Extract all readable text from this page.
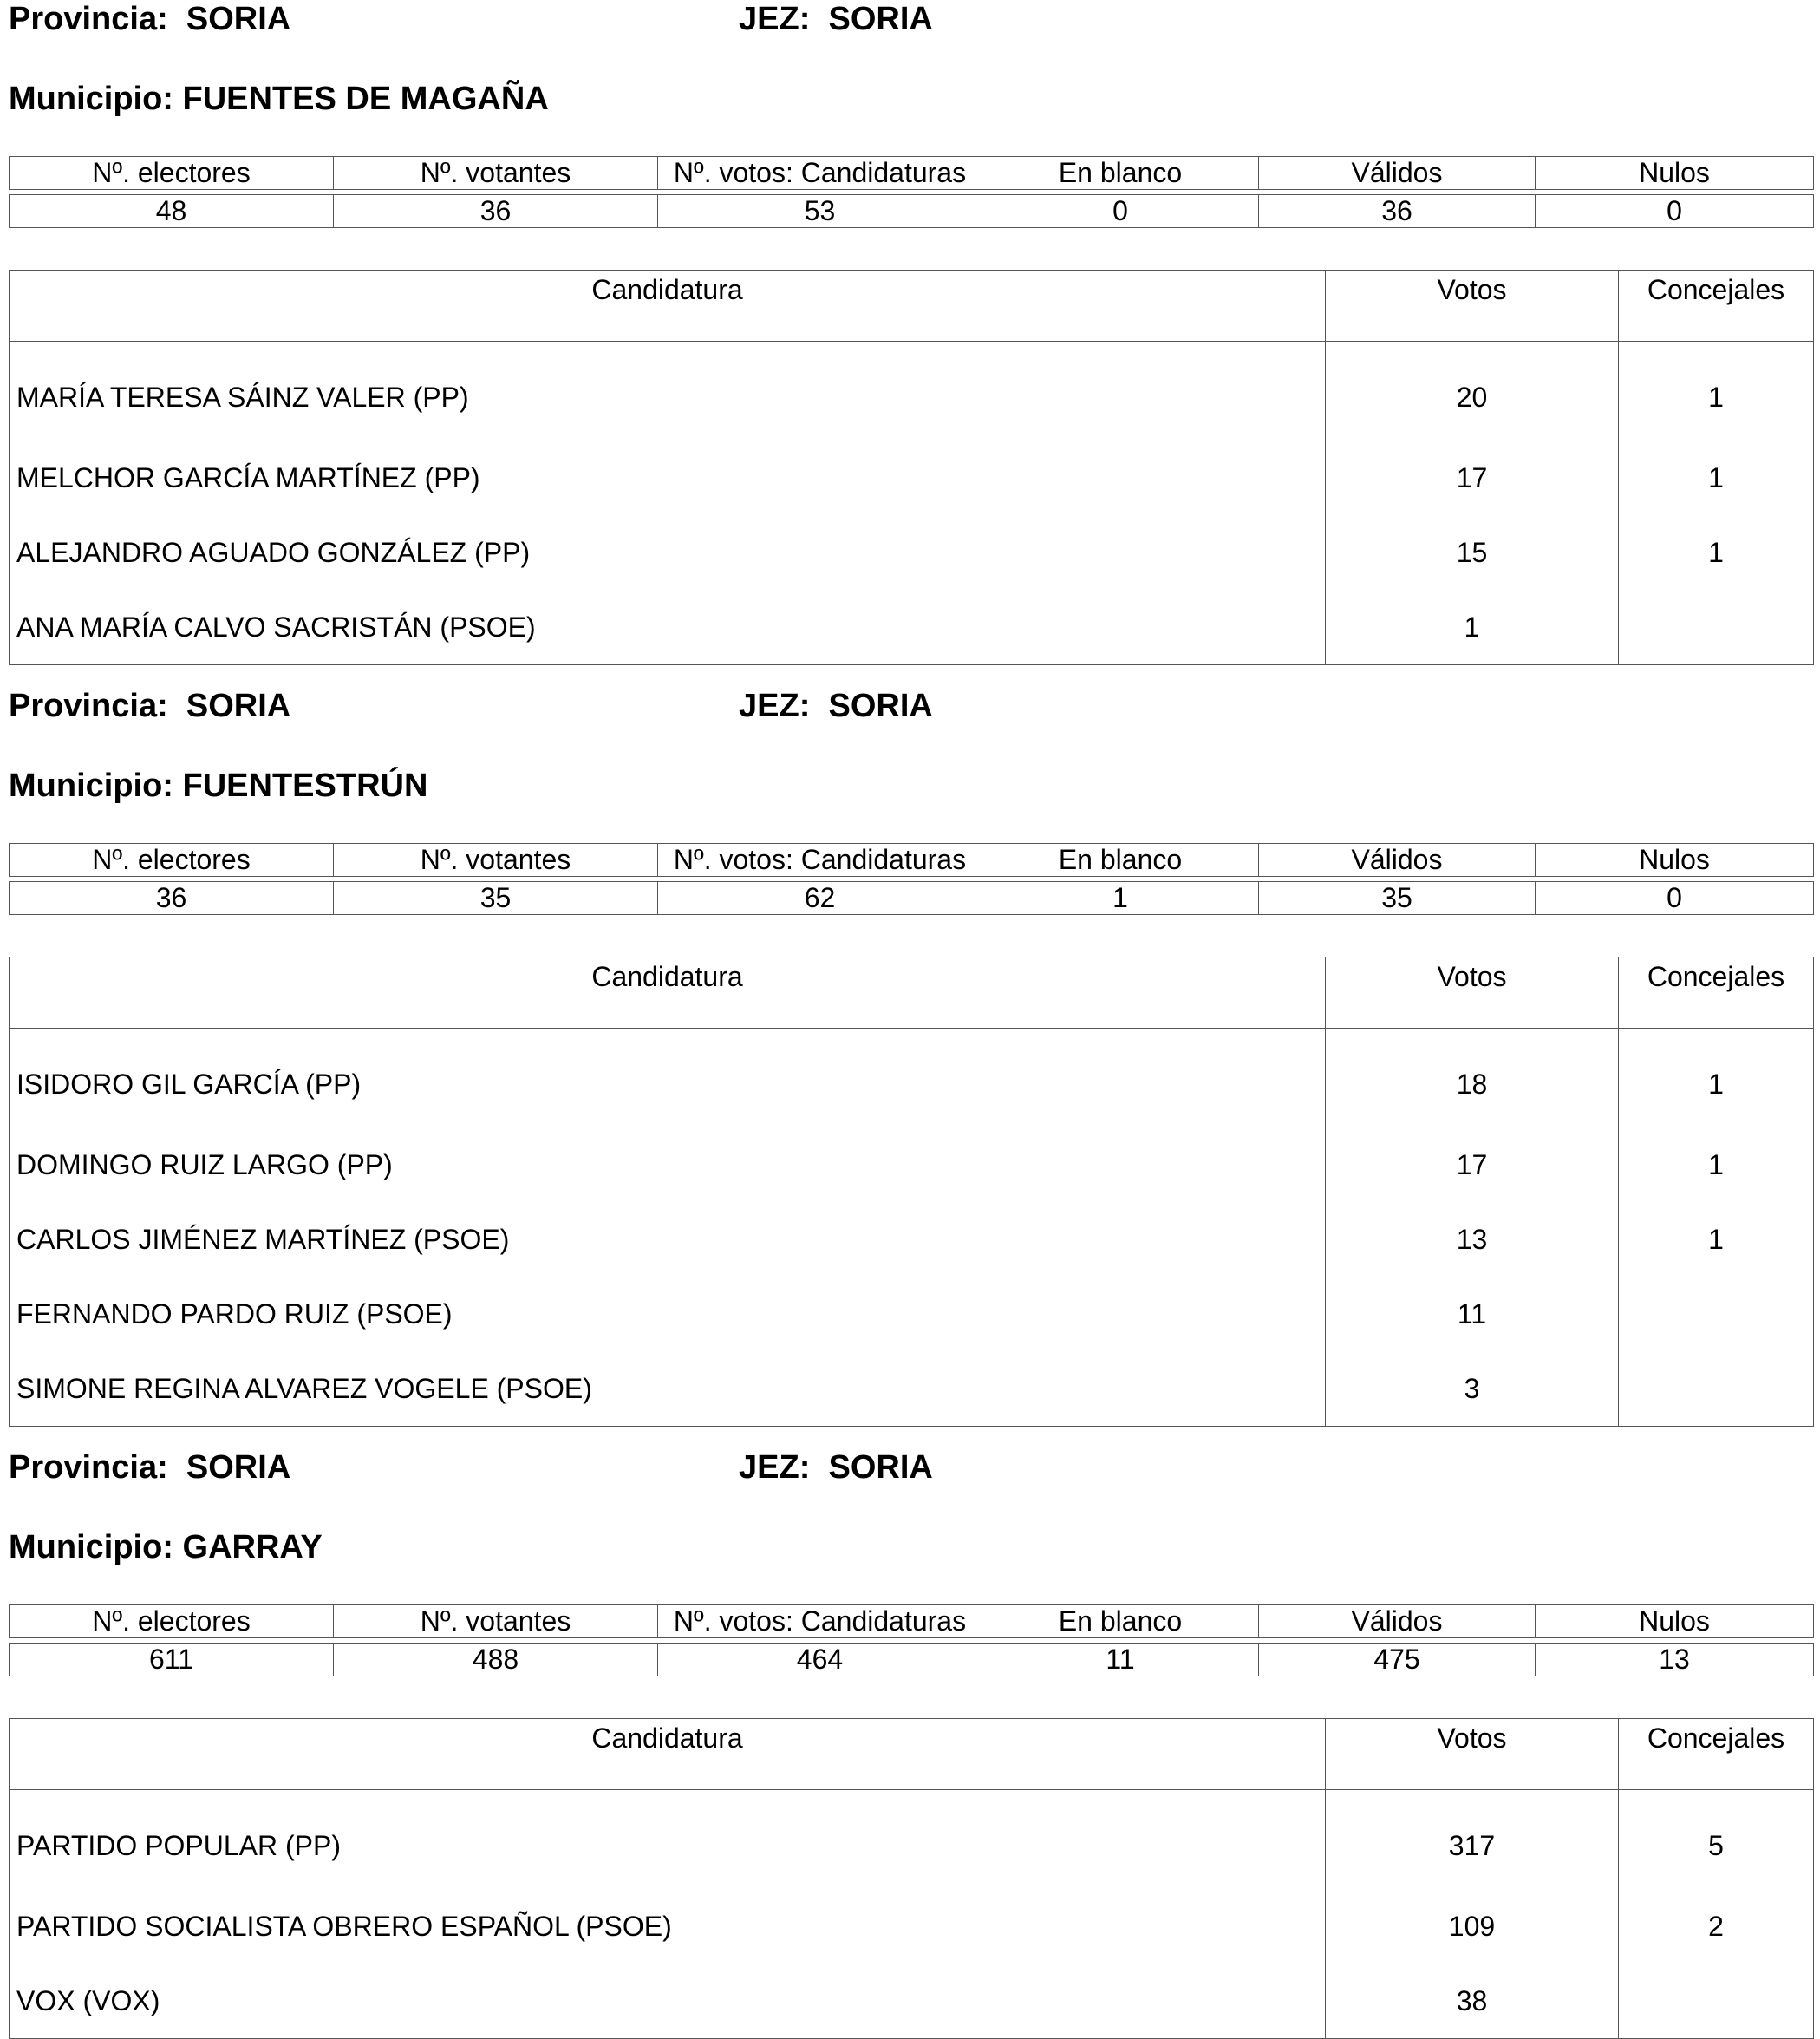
Provincia: SORIA	JEZ: SORIA
Municipio: FUENTES DE MAGAÑA
Nº. electores	Nº. votantes	Nº. votos: Candidaturas	En blanco	Válidos	Nulos
48	36	53	0	36	0
Candidatura	Votos	Concejales
MARÍA TERESA SÁINZ VALER (PP)	20	1
MELCHOR GARCÍA MARTÍNEZ (PP)	17	1
ALEJANDRO AGUADO GONZÁLEZ (PP)	15	1
ANA MARÍA CALVO SACRISTÁN (PSOE)	1	
Provincia: SORIA	JEZ: SORIA
Municipio: FUENTESTRÚN
Nº. electores	Nº. votantes	Nº. votos: Candidaturas	En blanco	Válidos	Nulos
36	35	62	1	35	0
Candidatura	Votos	Concejales
ISIDORO GIL GARCÍA (PP)	18	1
DOMINGO RUIZ LARGO (PP)	17	1
CARLOS JIMÉNEZ MARTÍNEZ (PSOE)	13	1
FERNANDO PARDO RUIZ (PSOE)	11	
SIMONE REGINA ALVAREZ VOGELE (PSOE)	3	
Provincia: SORIA	JEZ: SORIA
Municipio: GARRAY
Nº. electores	Nº. votantes	Nº. votos: Candidaturas	En blanco	Válidos	Nulos
611	488	464	11	475	13
Candidatura	Votos	Concejales
PARTIDO POPULAR (PP)	317	5
PARTIDO SOCIALISTA OBRERO ESPAÑOL (PSOE)	109	2
VOX (VOX)	38	
